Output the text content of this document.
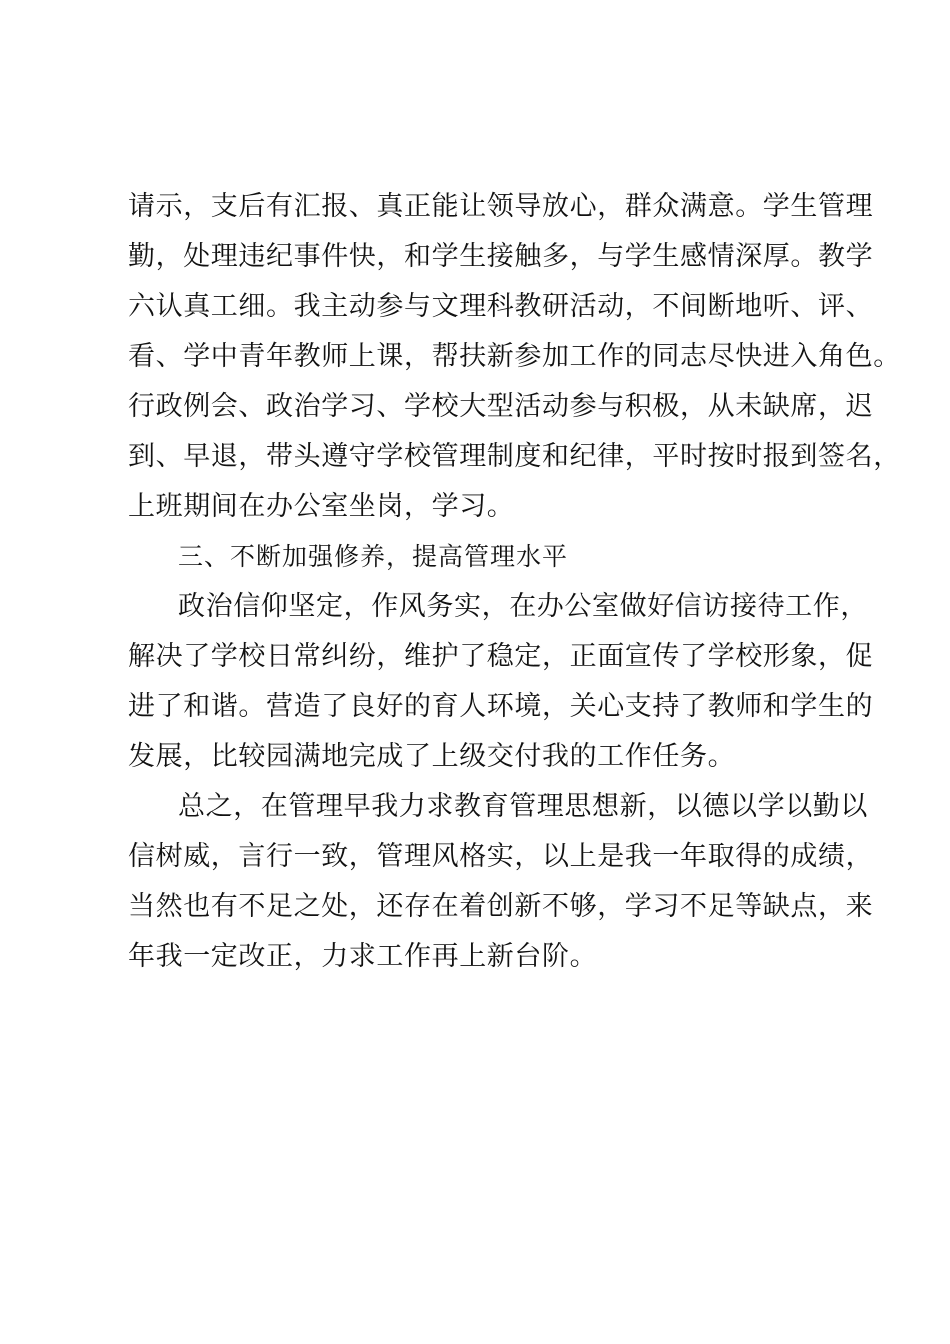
请示，支后有汇报、真正能让领导放心，群众满意。学生管理
勤，处理违纪事件快，和学生接触多，与学生感情深厚。教学
六认真工细。我主动参与文理科教研活动，不间断地听、评、
看、学中青年教师上课，帮扶新参加工作的同志尽快进入角色。
行政例会、政治学习、学校大型活动参与积极，从未缺席，迟
到、早退，带头遵守学校管理制度和纪律，平时按时报到签名，
上班期间在办公室坐岗，学习。
三、不断加强修养，提高管理水平
政治信仰坚定，作风务实，在办公室做好信访接待工作，
解决了学校日常纠纷，维护了稳定，正面宣传了学校形象，促
进了和谐。营造了良好的育人环境，关心支持了教师和学生的
发展，比较园满地完成了上级交付我的工作任务。
总之，在管理早我力求教育管理思想新，以德以学以勤以
信树威，言行一致，管理风格实，以上是我一年取得的成绩，
当然也有不足之处，还存在着创新不够，学习不足等缺点，来
年我一定改正，力求工作再上新台阶。
